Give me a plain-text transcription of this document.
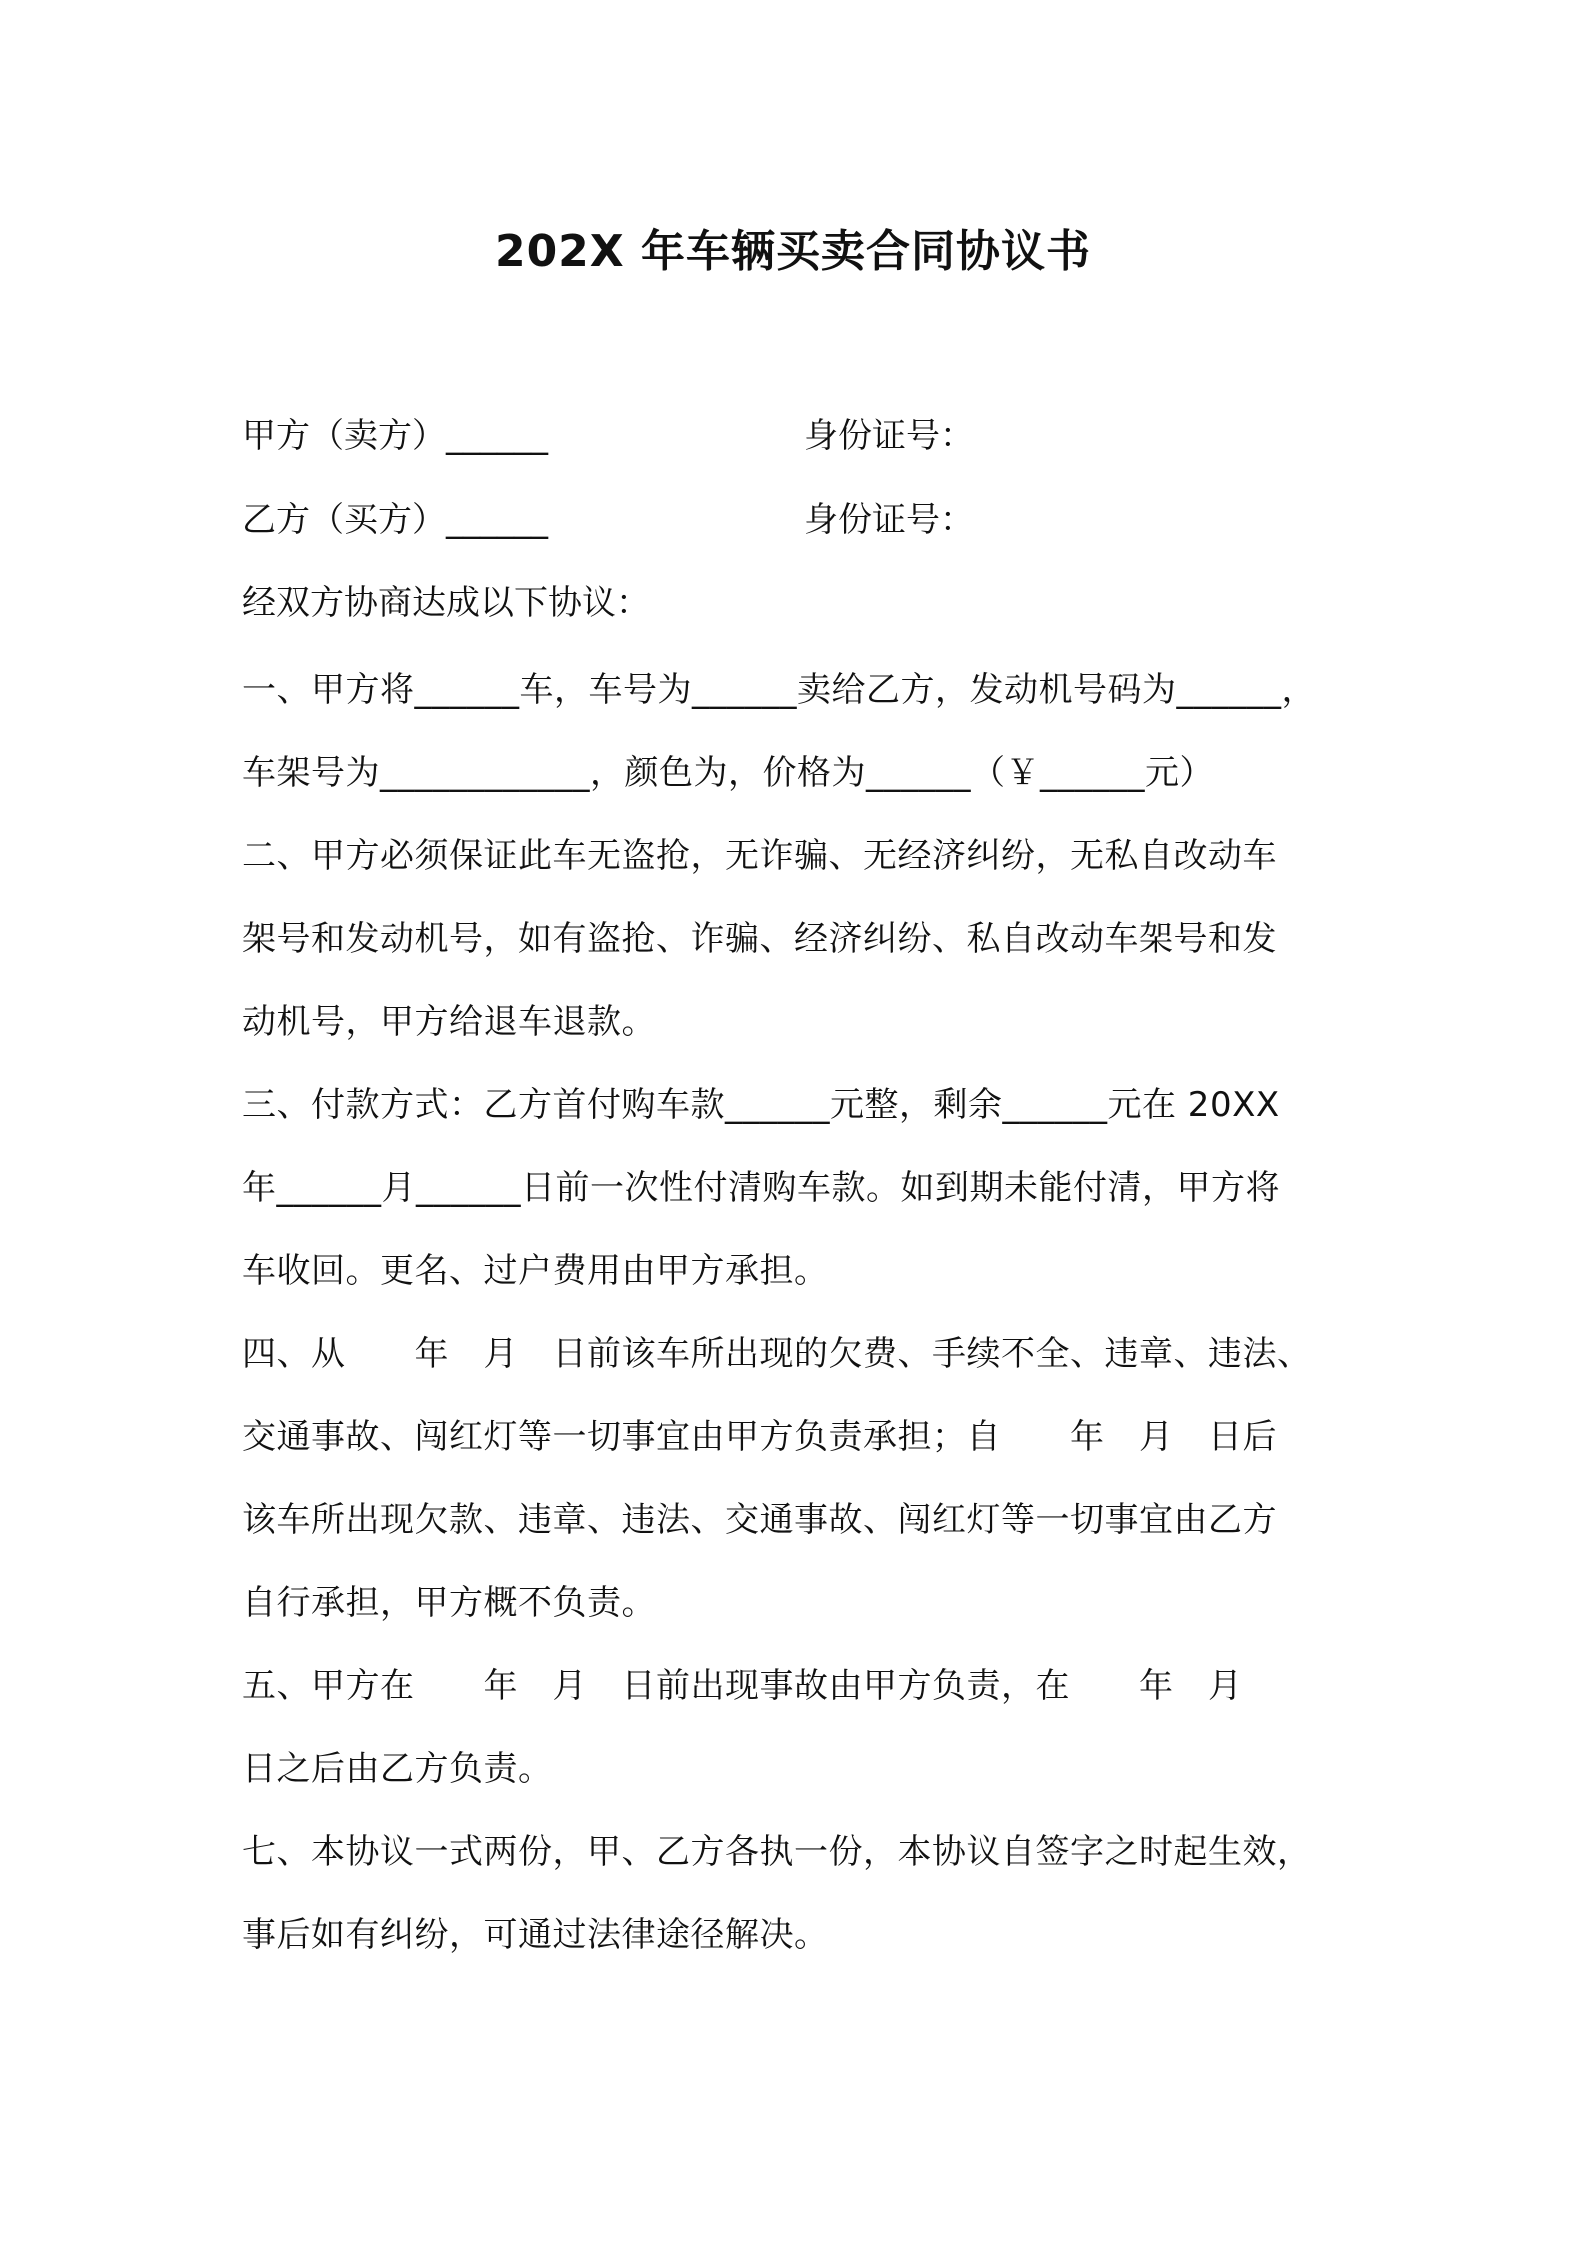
202X 年车辆买卖合同协议书
甲方（卖方）______	身份证号：
乙方（买方）______	身份证号：
经双方协商达成以下协议：
一、甲方将______车，车号为______卖给乙方，发动机号码为______，
车架号为____________，颜色为，价格为______（￥______元）
二、甲方必须保证此车无盗抢，无诈骗、无经济纠纷，无私自改动车
架号和发动机号，如有盗抢、诈骗、经济纠纷、私自改动车架号和发
动机号，甲方给退车退款。
三、付款方式：乙方首付购车款______元整，剩余______元在 20XX
年______月______日前一次性付清购车款。如到期未能付清，甲方将
车收回。更名、过户费用由甲方承担。
四、从　　年　月　日前该车所出现的欠费、手续不全、违章、违法、
交通事故、闯红灯等一切事宜由甲方负责承担；自　　年　月　日后
该车所出现欠款、违章、违法、交通事故、闯红灯等一切事宜由乙方
自行承担，甲方概不负责。
五、甲方在　　年　月　日前出现事故由甲方负责，在　　年　月
日之后由乙方负责。
七、本协议一式两份，甲、乙方各执一份，本协议自签字之时起生效，
事后如有纠纷，可通过法律途径解决。
